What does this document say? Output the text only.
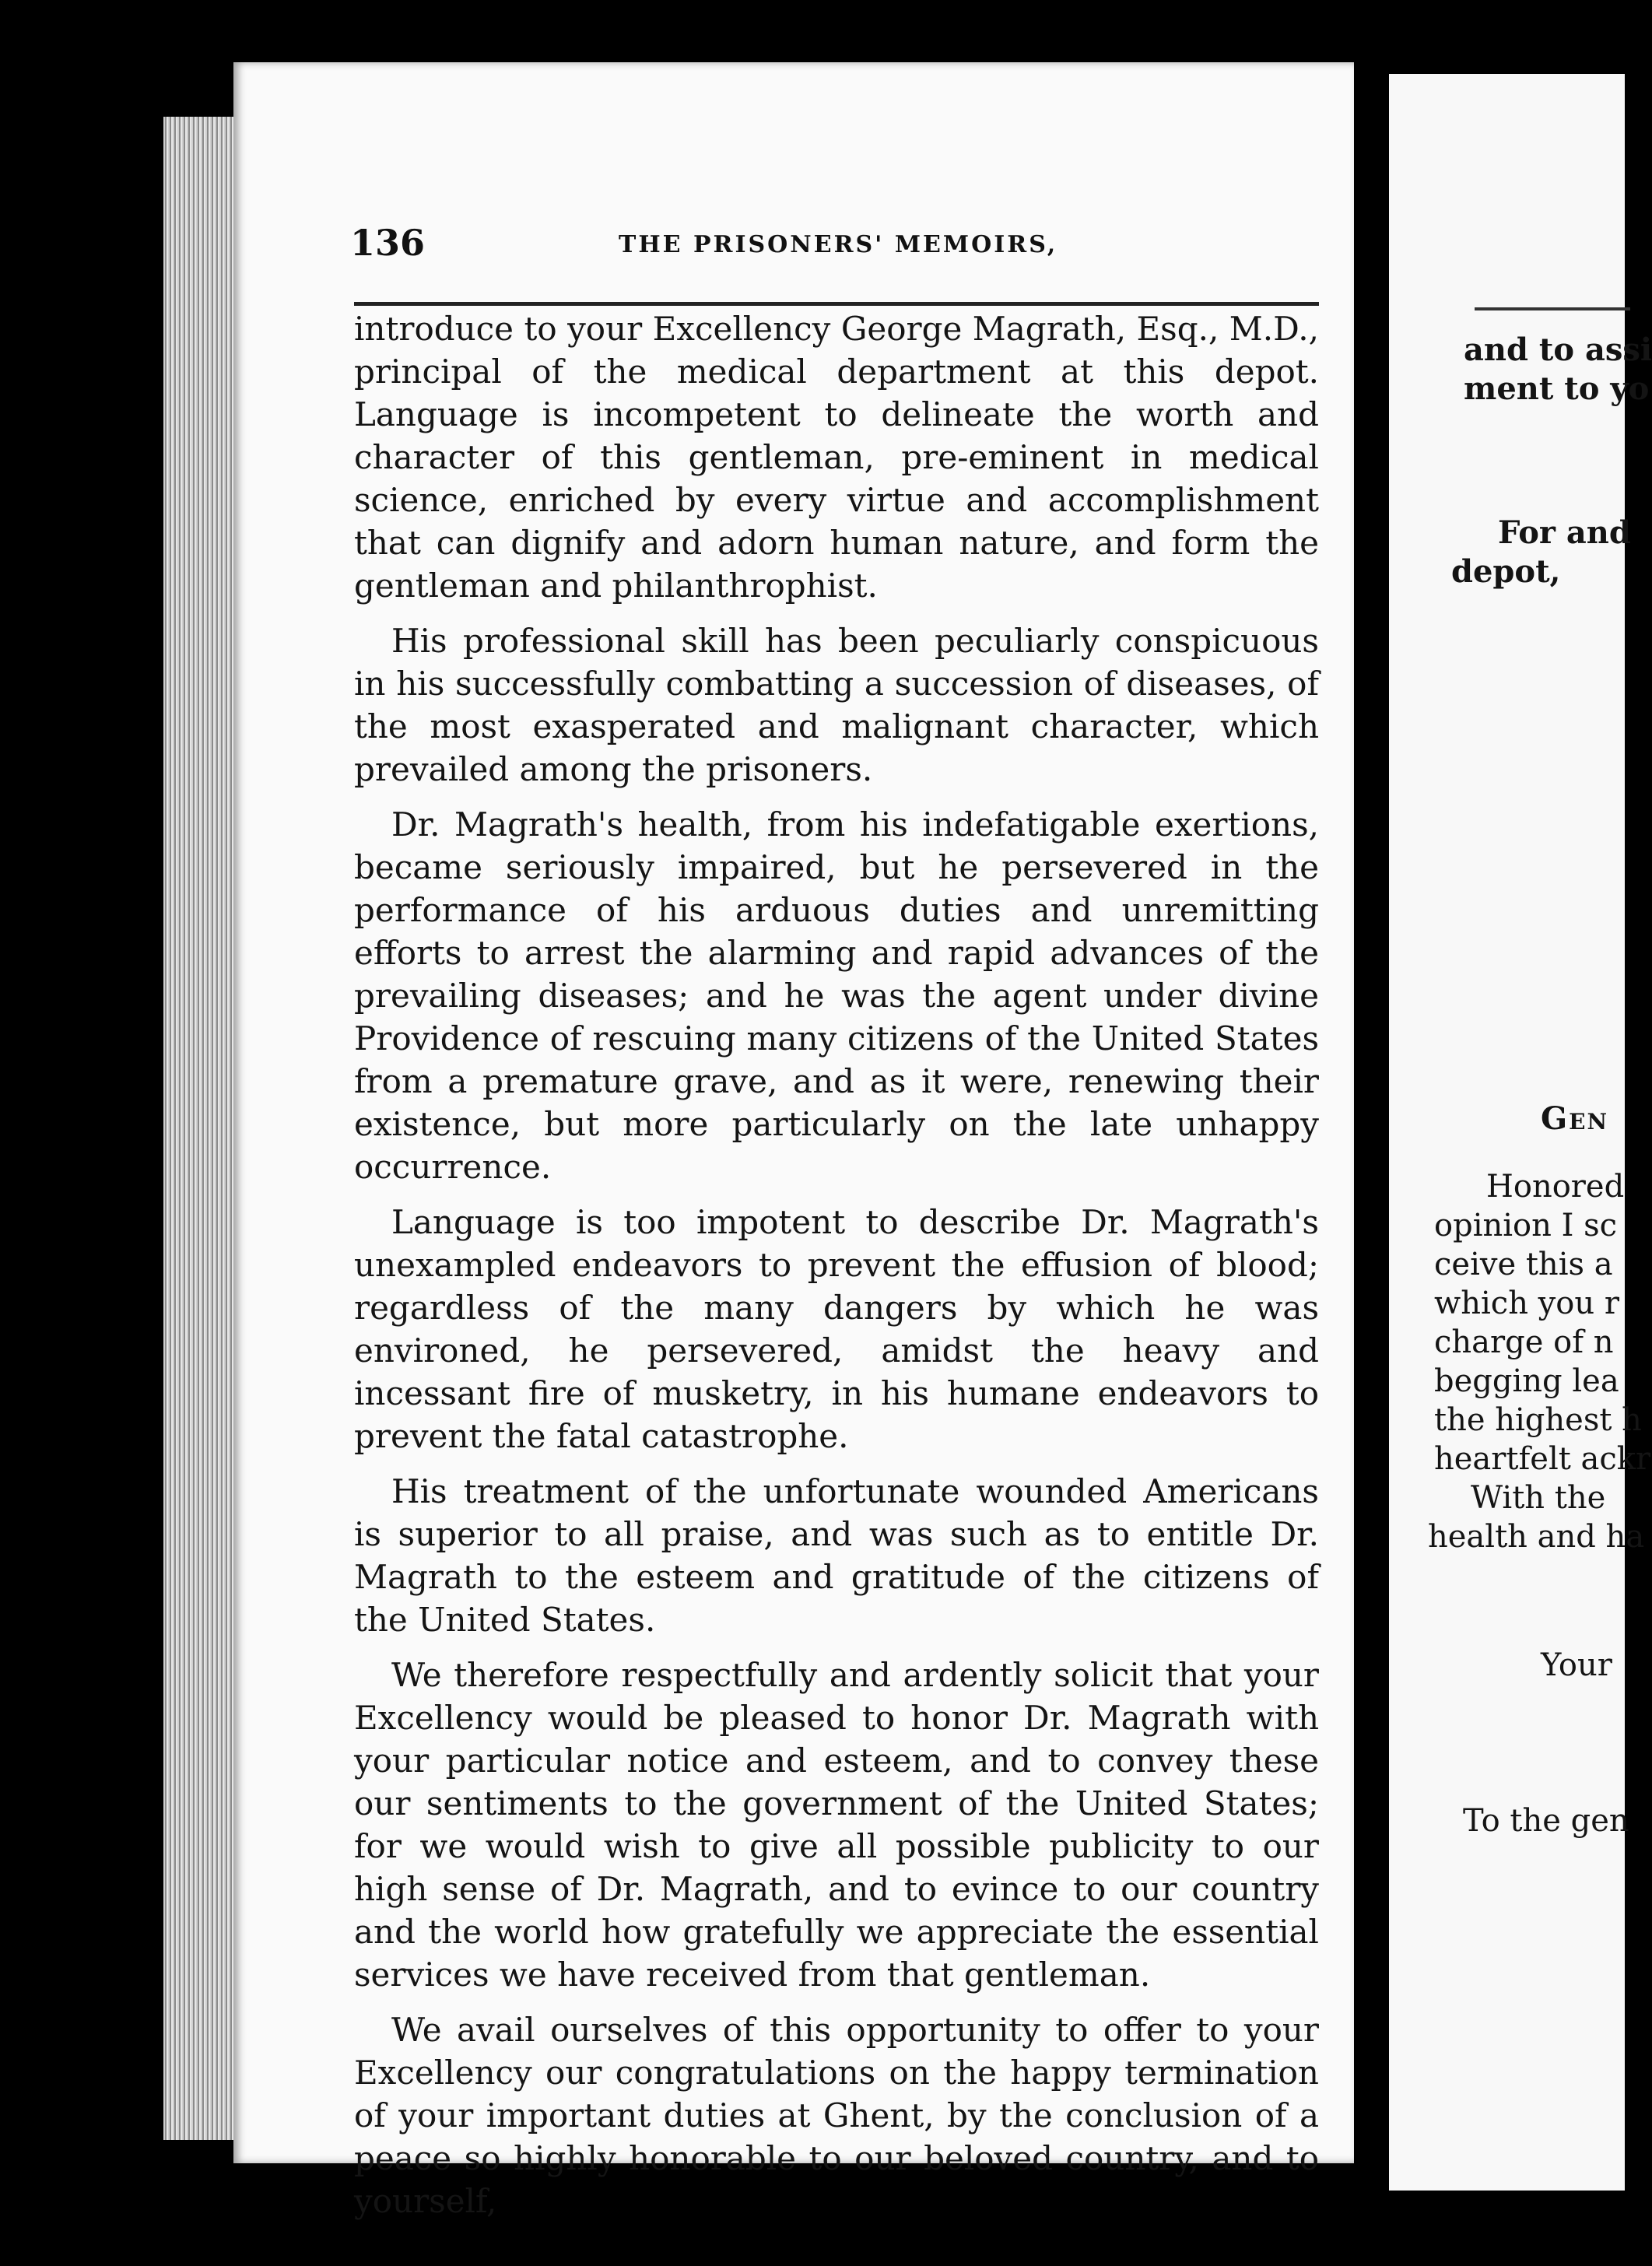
136	THE PRISONERS' MEMOIRS,

introduce to your Excellency George Magrath, Esq., M.D., principal of the medical department at this depot. Language is incompetent to delineate the worth and character of this gentleman, pre-eminent in medical science, enriched by every virtue and accomplishment that can dignify and adorn human nature, and form the gentleman and philanthrophist.

His professional skill has been peculiarly conspicuous in his successfully combatting a succession of diseases, of the most exasperated and malignant character, which prevailed among the prisoners.

Dr. Magrath's health, from his indefatigable exertions, became seriously impaired, but he persevered in the performance of his arduous duties and unremitting efforts to arrest the alarming and rapid advances of the prevailing diseases; and he was the agent under divine Providence of rescuing many citizens of the United States from a premature grave, and as it were, renewing their existence, but more particularly on the late unhappy occurrence.

Language is too impotent to describe Dr. Magrath's unexampled endeavors to prevent the effusion of blood; regardless of the many dangers by which he was environed, he persevered, amidst the heavy and incessant fire of musketry, in his humane endeavors to prevent the fatal catastrophe.

His treatment of the unfortunate wounded Americans is superior to all praise, and was such as to entitle Dr. Magrath to the esteem and gratitude of the citizens of the United States.

We therefore respectfully and ardently solicit that your Excellency would be pleased to honor Dr. Magrath with your particular notice and esteem, and to convey these our sentiments to the government of the United States; for we would wish to give all possible publicity to our high sense of Dr. Magrath, and to evince to our country and the world how gratefully we appreciate the essential services we have received from that gentleman.

We avail ourselves of this opportunity to offer to your Excellency our congratulations on the happy termination of your important duties at Ghent, by the conclusion of a peace so highly honorable to our beloved country, and to yourself,

and to assi
ment to yo
For and
depot,
Gen
Honored
opinion I sc
ceive this a
which you r
charge of n
begging lea
the highest h
heartfelt ackr
With the
health and ha
Your
To the gen
